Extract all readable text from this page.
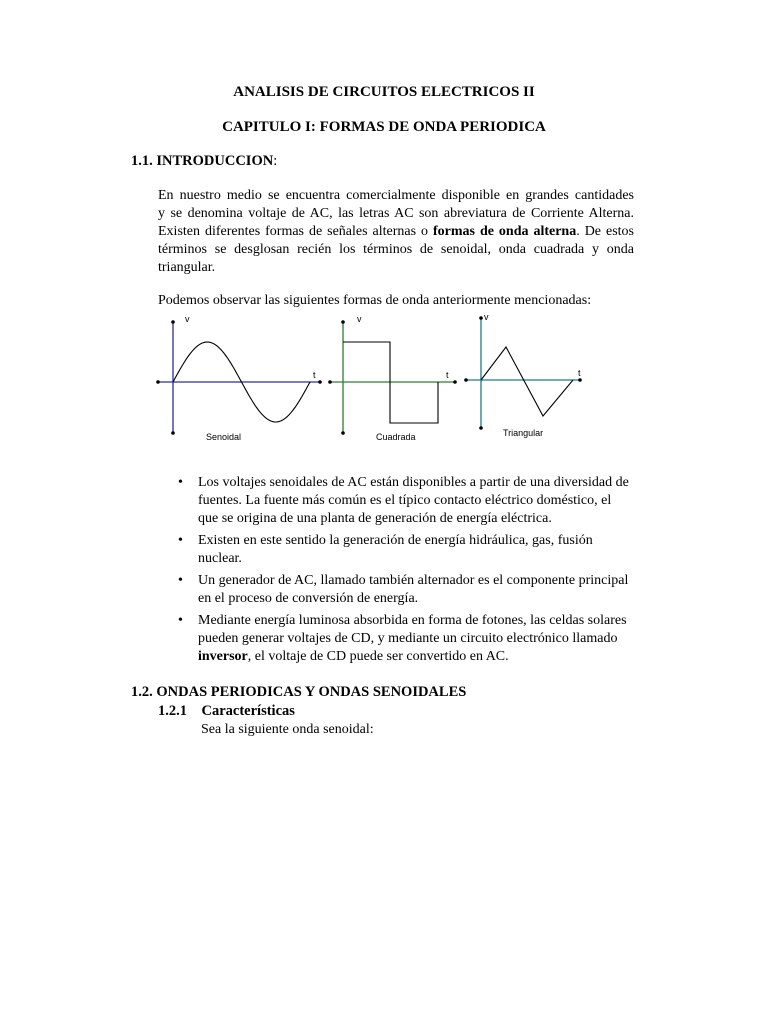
ANALISIS DE CIRCUITOS ELECTRICOS II
CAPITULO I: FORMAS DE ONDA PERIODICA
1.1. INTRODUCCION:
En nuestro medio se encuentra comercialmente disponible en grandes cantidades
y se denomina voltaje de AC, las letras AC son abreviatura de Corriente Alterna.
Existen diferentes formas de señales alternas o formas de onda alterna. De estos
términos se desglosan recién los términos de senoidal, onda cuadrada y onda
triangular.
Podemos observar las siguientes formas de onda anteriormente mencionadas:
v
t
Senoidal
v
t
Cuadrada
v
t
Triangular
• Los voltajes senoidales de AC están disponibles a partir de una diversidad de fuentes. La fuente más común es el típico contacto eléctrico doméstico, el que se origina de una planta de generación de energía eléctrica.
• Existen en este sentido la generación de energía hidráulica, gas, fusión nuclear.
• Un generador de AC, llamado también alternador es el componente principal en el proceso de conversión de energía.
• Mediante energía luminosa absorbida en forma de fotones, las celdas solares pueden generar voltajes de CD, y mediante un circuito electrónico llamado inversor, el voltaje de CD puede ser convertido en AC.
1.2. ONDAS PERIODICAS Y ONDAS SENOIDALES
1.2.1 Características
Sea la siguiente onda senoidal:
